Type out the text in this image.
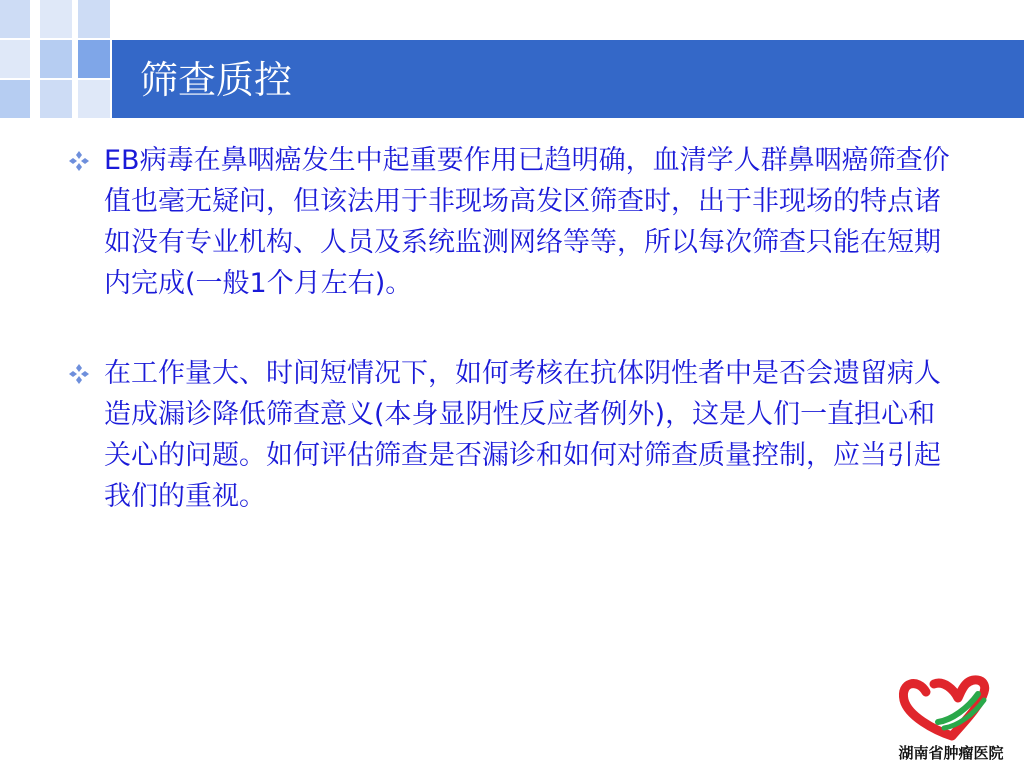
筛查质控
EB病毒在鼻咽癌发生中起重要作用已趋明确，血清学人群鼻咽癌筛查价值也毫无疑问，但该法用于非现场高发区筛查时，出于非现场的特点诸如没有专业机构、人员及系统监测网络等等，所以每次筛查只能在短期内完成(一般1个月左右)。
在工作量大、时间短情况下，如何考核在抗体阴性者中是否会遗留病人造成漏诊降低筛查意义(本身显阴性反应者例外)，这是人们一直担心和关心的问题。如何评估筛查是否漏诊和如何对筛查质量控制，应当引起我们的重视。
湖南省肿瘤医院
